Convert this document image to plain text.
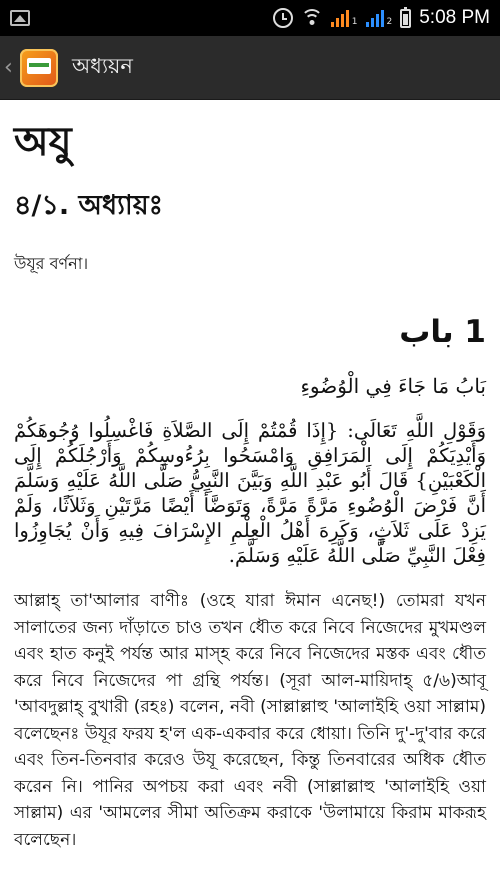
1	2 5:08 PM
‹	অধ্যয়ন
অযু
৪/১. অধ্যায়ঃ

উযূর বর্ণনা।

1 باب
بَابُ مَا جَاءَ فِي الْوُضُوءِ

وَقَوْلِ اللَّهِ تَعَالَى: {إِذَا قُمْتُمْ إِلَى الصَّلاَةِ فَاغْسِلُوا وُجُوهَكُمْ وَأَيْدِيَكُمْ إِلَى الْمَرَافِقِ وَامْسَحُوا بِرُءُوسِكُمْ وَأَرْجُلَكُمْ إِلَى الْكَعْبَيْنِ} قَالَ أَبُو عَبْدِ اللَّهِ وَبَيَّنَ النَّبِيُّ صَلَّى اللَّهُ عَلَيْهِ وَسَلَّمَ أَنَّ فَرْضَ الْوُضُوءِ مَرَّةً مَرَّةً، وَتَوَضَّأَ أَيْضًا مَرَّتَيْنِ وَثَلاَثًا، وَلَمْ يَزِدْ عَلَى ثَلاَثٍ، وَكَرِهَ أَهْلُ الْعِلْمِ الإِسْرَافَ فِيهِ وَأَنْ يُجَاوِزُوا فِعْلَ النَّبِيِّ صَلَّى اللَّهُ عَلَيْهِ وَسَلَّمَ.

আল্লাহ্ তা'আলার বাণীঃ (ওহে যারা ঈমান এনেছ!) তোমরা যখন সালাতের জন্য দাঁড়াতে চাও তখন ধৌত করে নিবে নিজেদের মুখমণ্ডল এবং হাত কনুই পর্যন্ত আর মাস্হ করে নিবে নিজেদের মস্তক এবং ধৌত করে নিবে নিজেদের পা গ্রন্থি পর্যন্ত। (সূরা আল-মায়িদাহ্ ৫/৬)আবূ 'আবদুল্লাহ্ বুখারী (রহঃ) বলেন, নবী (সাল্লাল্লাহু 'আলাইহি ওয়া সাল্লাম) বলেছেনঃ উযূর ফরয হ'ল এক-একবার করে ধোয়া। তিনি দু'-দু'বার করে এবং তিন-তিনবার করেও উযূ করেছেন, কিন্তু তিনবারের অধিক ধৌত করেন নি। পানির অপচয় করা এবং নবী (সাল্লাল্লাহু 'আলাইহি ওয়া সাল্লাম) এর 'আমলের সীমা অতিক্রম করাকে 'উলামায়ে কিরাম মাকরূহ বলেছেন।
